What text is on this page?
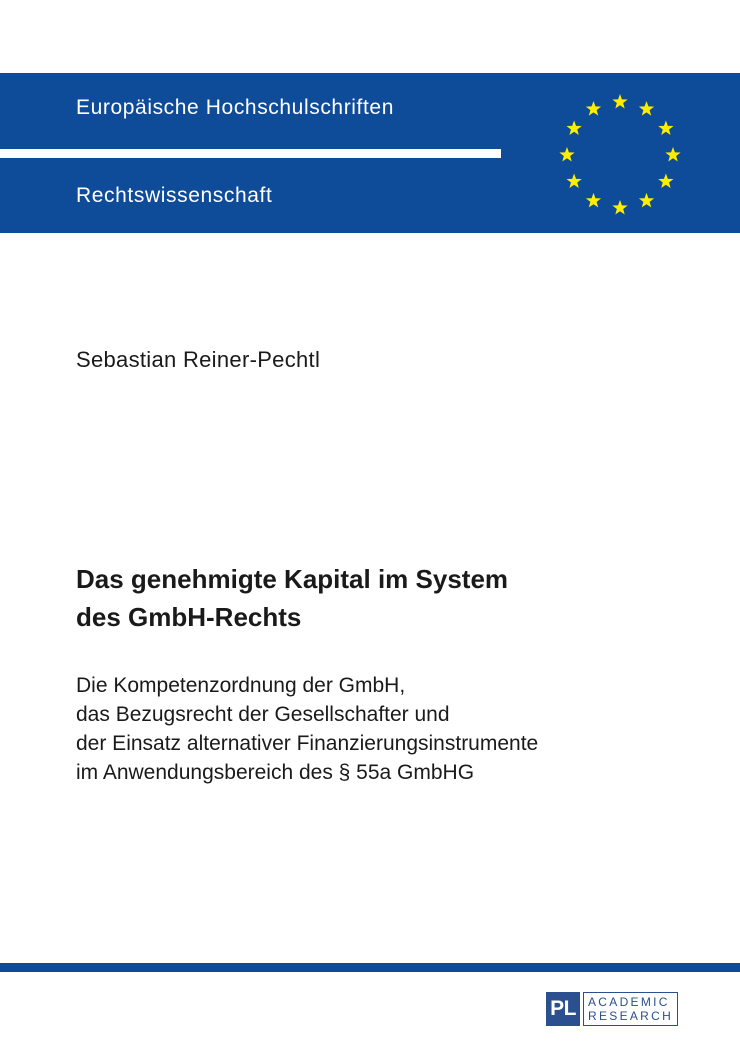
Europäische Hochschulschriften
Rechtswissenschaft
Sebastian Reiner-Pechtl
Das genehmigte Kapital im System
des GmbH-Rechts
Die Kompetenzordnung der GmbH,
das Bezugsrecht der Gesellschafter und
der Einsatz alternativer Finanzierungsinstrumente
im Anwendungsbereich des § 55a GmbHG
PL	ACADEMIC
RESEARCH
